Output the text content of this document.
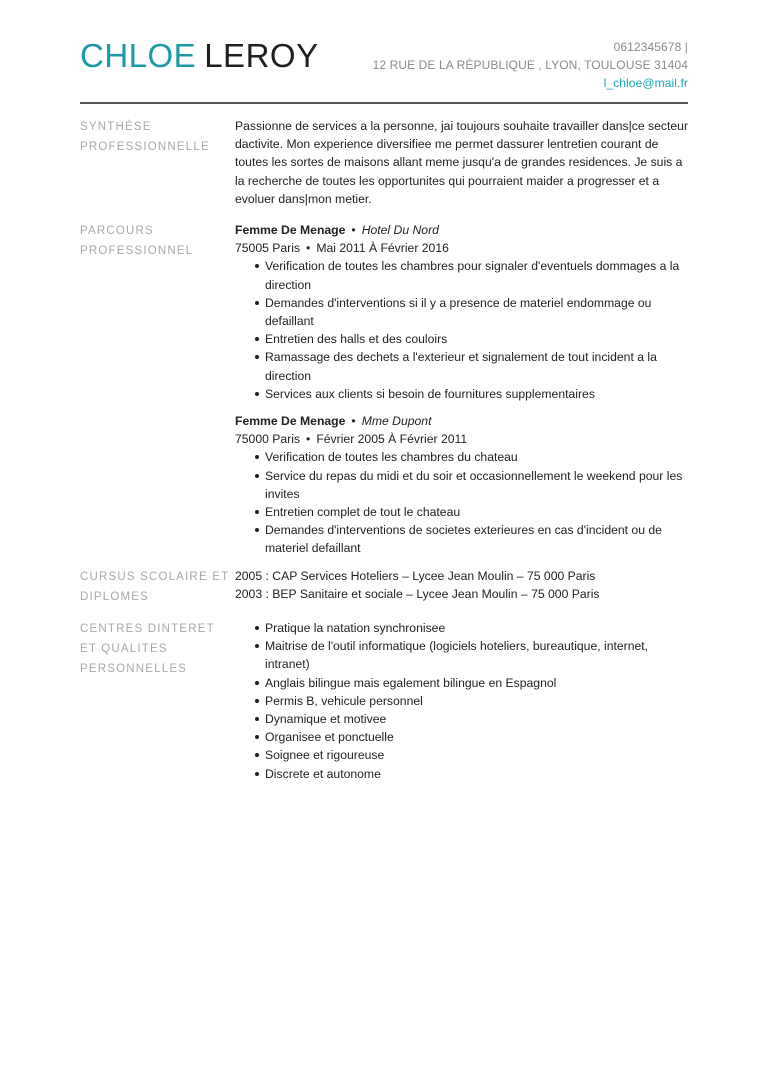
CHLOE LEROY	0612345678 |
12 RUE DE LA RÉPUBLIQUE , LYON, TOULOUSE 31404
l_chloe@mail.fr
SYNTHÈSE PROFESSIONNELLE

Passionne de services a la personne, jai toujours souhaite travailler dans|ce secteur dactivite. Mon experience diversifiee me permet dassurer lentretien courant de toutes les sortes de maisons allant meme jusqu'a de grandes residences. Je suis a la recherche de toutes les opportunites qui pourraient maider a progresser et a evoluer dans|mon metier.

PARCOURS PROFESSIONNEL
Femme De Menage • Hotel Du Nord
75005 Paris • Mai 2011 À Février 2016
Verification de toutes les chambres pour signaler d'eventuels dommages a la direction
Demandes d'interventions si il y a presence de materiel endommage ou defaillant
Entretien des halls et des couloirs
Ramassage des dechets a l'exterieur et signalement de tout incident a la direction
Services aux clients si besoin de fournitures supplementaires
Femme De Menage • Mme Dupont
75000 Paris • Février 2005 À Février 2011
Verification de toutes les chambres du chateau
Service du repas du midi et du soir et occasionnellement le weekend pour les invites
Entretien complet de tout le chateau
Demandes d'interventions de societes exterieures en cas d'incident ou de materiel defaillant
CURSUS SCOLAIRE ET DIPLOMES

2005 : CAP Services Hoteliers – Lycee Jean Moulin – 75 000 Paris

2003 : BEP Sanitaire et sociale – Lycee Jean Moulin – 75 000 Paris

CENTRES DINTERET ET QUALITES PERSONNELLES
Pratique la natation synchronisee
Maitrise de l'outil informatique (logiciels hoteliers, bureautique, internet, intranet)
Anglais bilingue mais egalement bilingue en Espagnol
Permis B, vehicule personnel
Dynamique et motivee
Organisee et ponctuelle
Soignee et rigoureuse
Discrete et autonome
